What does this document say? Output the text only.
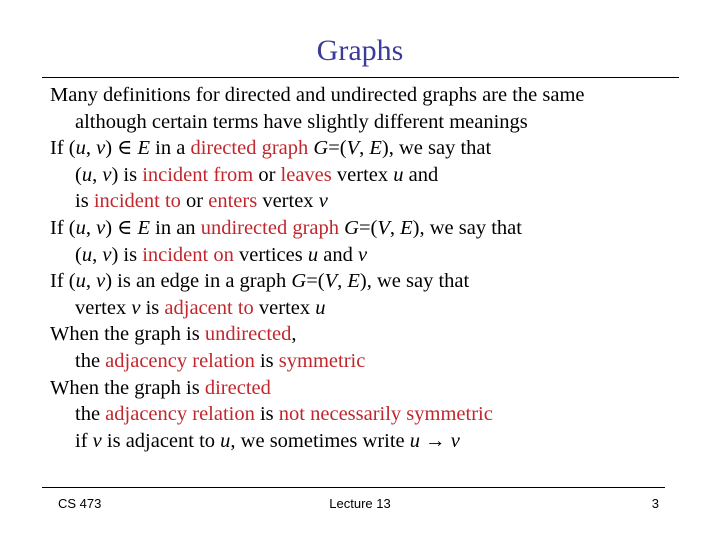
Graphs
Many definitions for directed and undirected graphs are the same
although certain terms have slightly different meanings
If (u, v) ∈ E in a directed graph G=(V, E), we say that
(u, v) is incident from or leaves vertex u and
is incident to or enters vertex v
If (u, v) ∈ E in an undirected graph G=(V, E), we say that
(u, v) is incident on vertices u and v
If (u, v) is an edge in a graph G=(V, E), we say that
vertex v is adjacent to vertex u
When the graph is undirected,
the adjacency relation is symmetric
When the graph is directed
the adjacency relation is not necessarily symmetric
if v is adjacent to u, we sometimes write u → v
CS 473	Lecture 13	3
